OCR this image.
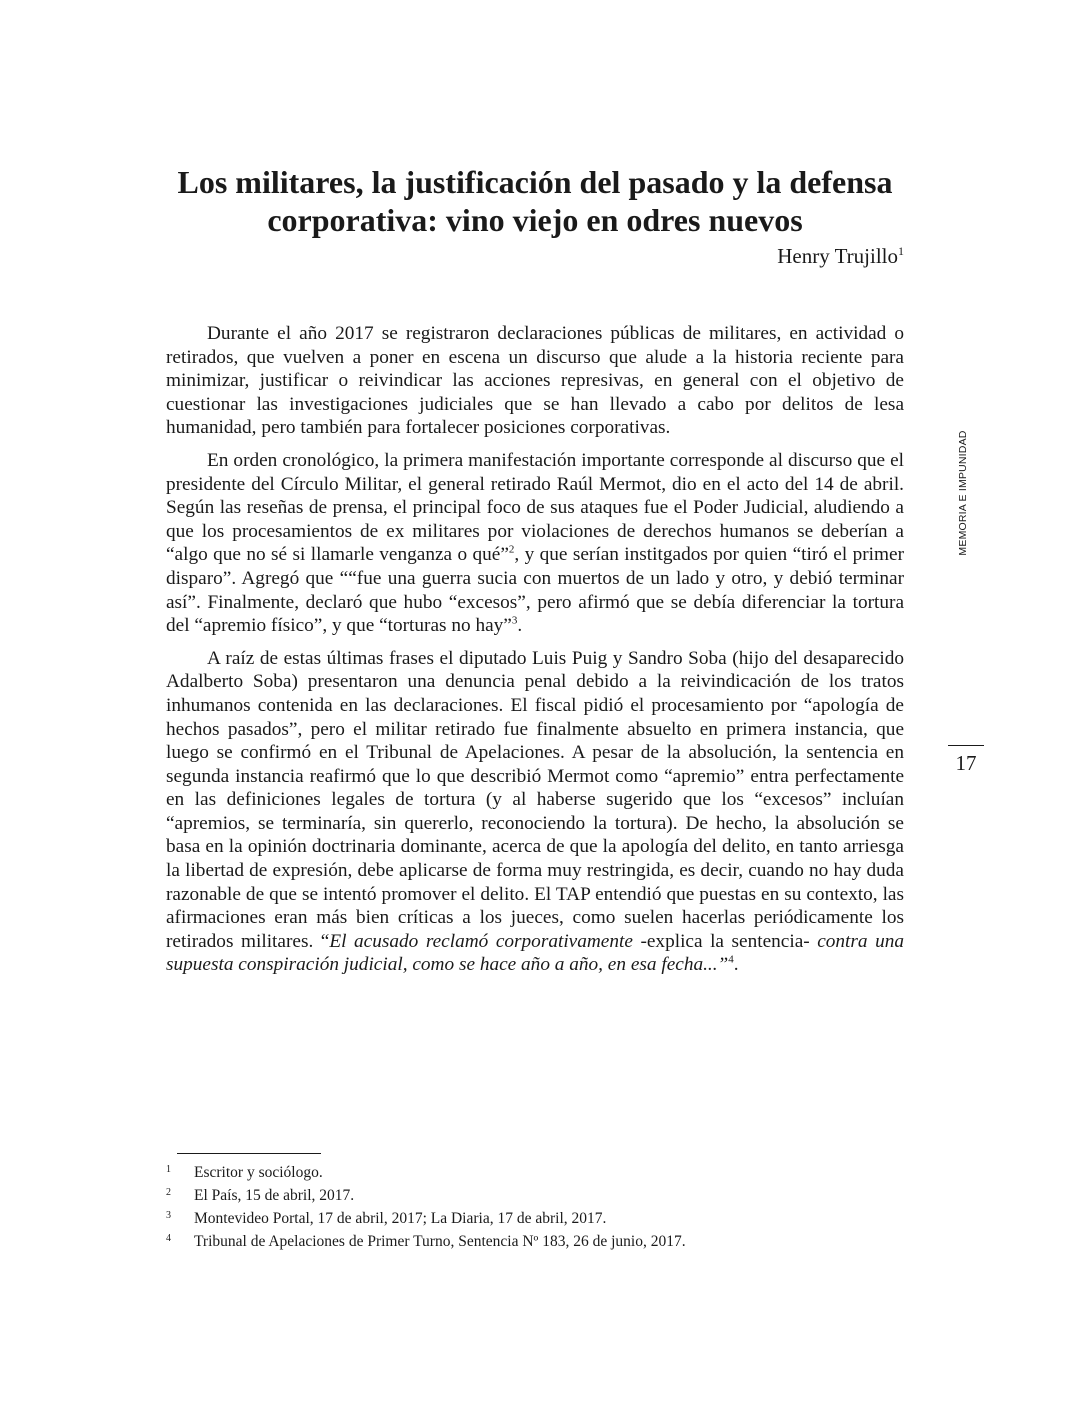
Los militares, la justificación del pasado y la defensa
corporativa: vino viejo en odres nuevos
Henry Trujillo$^1$

Durante el año 2017 se registraron declaraciones públicas de militares, en actividad o retirados, que vuelven a poner en escena un discurso que alude a la historia reciente para minimizar, justificar o reivindicar las acciones represivas, en general con el objetivo de cuestionar las investigaciones judiciales que se han llevado a cabo por delitos de lesa humanidad, pero también para fortalecer posiciones corporativas.

En orden cronológico, la primera manifestación importante corresponde al discurso que el presidente del Círculo Militar, el general retirado Raúl Mermot, dio en el acto del 14 de abril. Según las reseñas de prensa, el principal foco de sus ataques fue el Poder Judicial, aludiendo a que los procesamientos de ex militares por violaciones de derechos humanos se deberían a “algo que no sé si llamarle venganza o qué”$^2$, y que serían institgados por quien “tiró el primer disparo”. Agregó que ““fue una guerra sucia con muertos de un lado y otro, y debió terminar así”. Finalmente, declaró que hubo “excesos”, pero afirmó que se debía diferenciar la tortura del “apremio físico”, y que “torturas no hay”$^3$.

A raíz de estas últimas frases el diputado Luis Puig y Sandro Soba (hijo del desaparecido Adalberto Soba) presentaron una denuncia penal debido a la reivindicación de los tratos inhumanos contenida en las declaraciones. El fiscal pidió el procesamiento por “apología de hechos pasados”, pero el militar retirado fue finalmente absuelto en primera instancia, que luego se confirmó en el Tribunal de Apelaciones. A pesar de la absolución, la sentencia en segunda instancia reafirmó que lo que describió Mermot como “apremio” entra perfectamente en las definiciones legales de tortura (y al haberse sugerido que los “excesos” incluían “apremios, se terminaría, sin quererlo, reconociendo la tortura). De hecho, la absolución se basa en la opinión doctrinaria dominante, acerca de que la apología del delito, en tanto arriesga la libertad de expresión, debe aplicarse de forma muy restringida, es decir, cuando no hay duda razonable de que se intentó promover el delito. El TAP entendió que puestas en su contexto, las afirmaciones eran más bien críticas a los jueces, como suelen hacerlas periódicamente los retirados militares. “El acusado reclamó corporativamente -explica la sentencia- contra una supuesta conspiración judicial, como se hace año a año, en esa fecha...”$^4$.

MEMORIA E IMPUNIDAD
17
1 Escritor y sociólogo.
2 El País, 15 de abril, 2017.
3 Montevideo Portal, 17 de abril, 2017; La Diaria, 17 de abril, 2017.
4 Tribunal de Apelaciones de Primer Turno, Sentencia Nº 183, 26 de junio, 2017.
